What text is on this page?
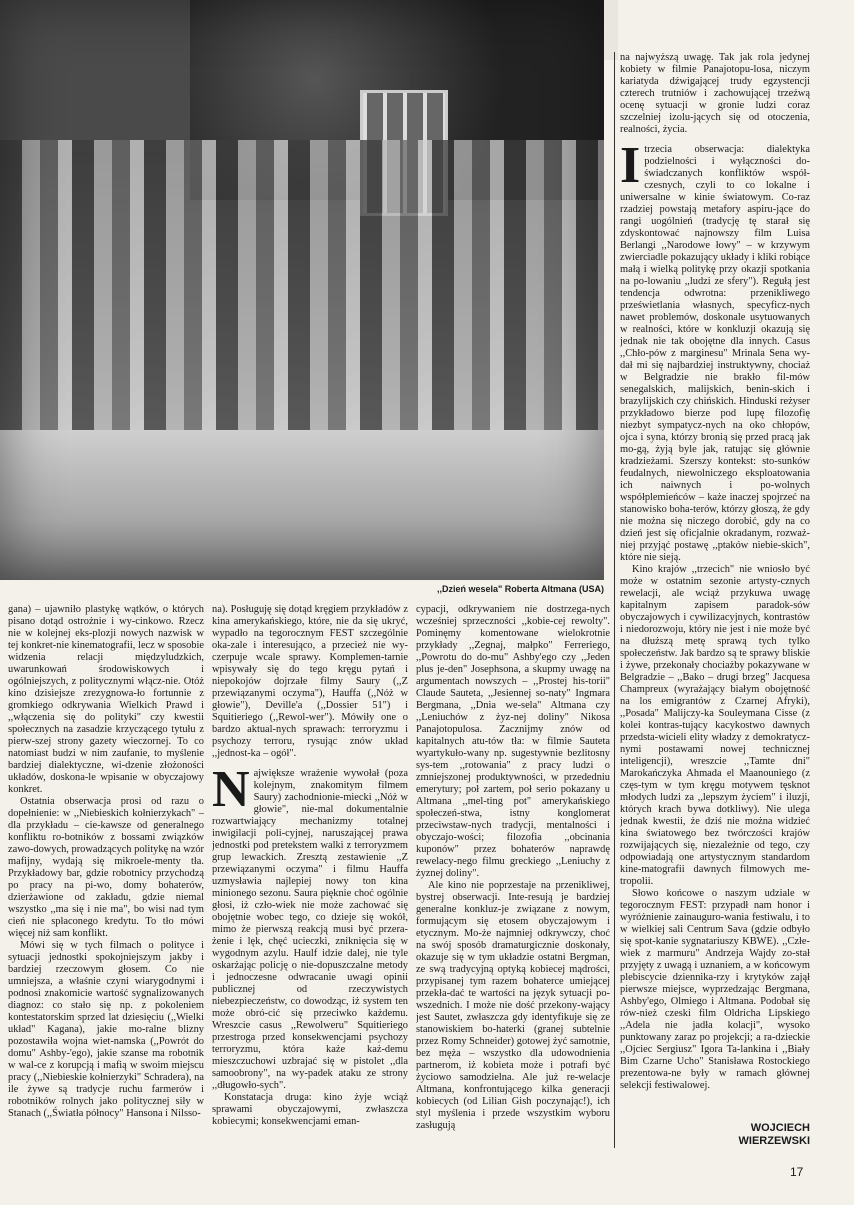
,,Dzień wesela" Roberta Altmana (USA)

gana) – ujawniło plastykę wątków, o których pisano dotąd ostrożnie i wy-cinkowo. Rzecz nie w kolejnej eks-plozji nowych nazwisk w tej konkret-nie kinematografii, lecz w sposobie widzenia relacji międzyludzkich, uwarunkowań środowiskowych i ogólniejszych, z politycznymi włącz-nie. Otóż kino dzisiejsze zrezygnowa-ło fortunnie z gromkiego odkrywania Wielkich Prawd i ,,włączenia się do polityki" czy kwestii społecznych na zasadzie krzyczącego tytułu z pierw-szej strony gazety wieczornej. To co natomiast budzi w nim zaufanie, to myślenie bardziej dialektyczne, wi-dzenie złożoności układów, doskona-le wpisanie w obyczajowy konkret.

Ostatnia obserwacja prosi od razu o dopełnienie: w ,,Niebieskich kołnierzykach" – dla przykładu – cie-kawsze od generalnego konfliktu ro-botników z bossami związków zawo-dowych, prowadzących politykę na wzór mafijny, wydają się mikroele-menty tła. Przykładowy bar, gdzie robotnicy przychodzą po pracy na pi-wo, domy bohaterów, dzierżawione od zakładu, gdzie niemal wszystko ,,ma się i nie ma", bo wisi nad tym cień nie spłaconego kredytu. To tło mówi więcej niż sam konflikt.

Mówi się w tych filmach o polityce i sytuacji jednostki spokojniejszym jakby i bardziej rzeczowym głosem. Co nie umniejsza, a właśnie czyni wiarygodnymi i podnosi znakomicie wartość sygnalizowanych diagnoz: co stało się np. z pokoleniem kontestatorskim sprzed lat dziesięciu (,,Wielki układ" Kagana), jakie mo-ralne blizny pozostawiła wojna wiet-namska (,,Powrót do domu" Ashby-'ego), jakie szanse ma robotnik w wal-ce z korupcją i mafią w swoim miejscu pracy (,,Niebieskie kołnierzyki" Schradera), na ile żywe są tradycje ruchu farmerów i robotników rolnych jako politycznej siły w Stanach (,,Światła północy" Hansona i Nilsso-

na). Posługuję się dotąd kręgiem przykładów z kina amerykańskiego, które, nie da się ukryć, wypadło na tegorocznym FEST szczególnie oka-zale i interesująco, a przecież nie wy-czerpuje wcale sprawy. Komplemen-tarnie wpisywały się do tego kręgu pytań i niepokojów dojrzałe filmy Saury (,,Z przewiązanymi oczyma"), Hauffa (,,Nóż w głowie"), Deville'a (,,Dossier 51") i Squitieriego (,,Rewol-wer"). Mówiły one o bardzo aktual-nych sprawach: terroryzmu i psychozy terroru, rysując znów układ ,,jednost-ka – ogół".

Największe wrażenie wywołał (poza kolejnym, znakomitym filmem Saury) zachodnionie-miecki ,,Nóż w głowie", nie-mal dokumentalnie rozwartwiający mechanizmy totalnej inwigilacji poli-cyjnej, naruszającej prawa jednostki pod pretekstem walki z terroryzmem grup lewackich. Zresztą zestawienie ,,Z przewiązanymi oczyma" i filmu Hauffa uzmysławia najlepiej nowy ton kina minionego sezonu. Saura pięknie choć ogólnie głosi, iż czło-wiek nie może zachować się obojętnie wobec tego, co dzieje się wokół, mimo że pierwszą reakcją musi być przera-żenie i lęk, chęć ucieczki, zniknięcia się w wygodnym azylu. Haulf idzie dalej, nie tyle oskarżając policję o nie-dopuszczalne metody i jednoczesne odwracanie uwagi opinii publicznej od rzeczywistych niebezpieczeństw, co dowodząc, iż system ten może obró-cić się przeciwko każdemu. Wreszcie casus ,,Rewolweru" Squitieriego przestroga przed konsekwencjami psychozy terroryzmu, która każe każ-demu mieszczuchowi uzbrajać się w pistolet ,,dla samoobrony", na wy-padek ataku ze strony ,,długowło-sych".

Konstatacja druga: kino żyje wciąż sprawami obyczajowymi, zwłaszcza kobiecymi; konsekwencjami eman-

cypacji, odkrywaniem nie dostrzega-nych wcześniej sprzeczności ,,kobie-cej rewolty". Pominęmy komentowane wielokrotnie przykłady ,,Zegnaj, małpko" Ferreriego, ,,Powrotu do do-mu" Ashby'ego czy ,,Jeden plus je-den" Josephsona, a skupmy uwagę na argumentach nowszych – ,,Prostej his-torii" Claude Sauteta, ,,Jesiennej so-naty" Ingmara Bergmana, ,,Dnia we-sela" Altmana czy ,,Leniuchów z żyz-nej doliny" Nikosa Panajotopulosa. Zacznijmy znów od kapitalnych atu-tów tła: w filmie Sauteta wyartykuło-wany np. sugestywnie bezlitosny sys-tem ,,rotowania" z pracy ludzi o zmniejszonej produktywności, w przededniu emerytury; poł zartem, poł serio pokazany u Altmana ,,mel-ting pot" amerykańskiego społeczeń-stwa, istny konglomerat przeciwstaw-nych tradycji, mentalności i obyczajo-wości; filozofia ,,obcinania kuponów" przez bohaterów naprawdę rewelacy-nego filmu greckiego ,,Leniuchy z żyznej doliny".

Ale kino nie poprzestaje na przenikliwej, bystrej obserwacji. Inte-resują je bardziej generalne konkluz-je związane z nowym, formującym się etosem obyczajowym i etycznym. Mo-że najmniej odkrywczy, choć na swój sposób dramaturgicznie doskonały, okazuje się w tym układzie ostatni Bergman, ze swą tradycyjną optyką kobiecej mądrości, przypisanej tym razem bohaterce umiejącej przekła-dać te wartości na język sytuacji po-wszednich. I może nie dość przekony-wający jest Sautet, zwłaszcza gdy identyfikuje się ze stanowiskiem bo-haterki (granej subtelnie przez Romy Schneider) gotowej żyć samotnie, bez męża – wszystko dla udowodnienia partnerom, iż kobieta może i potrafi być życiowo samodzielna. Ale już re-welacje Altmana, konfrontującego kilka generacji kobiecych (od Lilian Gish poczynając!), ich styl myślenia i przede wszystkim wyboru zasługują

na najwyższą uwagę. Tak jak rola jedynej kobiety w filmie Panajotopu-losa, niczym kariatyda dźwigającej trudy egzystencji czterech trutniów i zachowującej trzeźwą ocenę sytuacji w gronie ludzi coraz szczelniej izolu-jących się od otoczenia, realności, życia.

Itrzecia obserwacja: dialektyka podzielności i wyłączności do-świadczanych konfliktów współ-czesnych, czyli to co lokalne i uniwersalne w kinie światowym. Co-raz rzadziej powstają metafory aspiru-jące do rangi uogólnień (tradycję tę starał się zdyskontować najnowszy film Luisa Berlangi ,,Narodowe łowy" – w krzywym zwierciadle pokazujący układy i kliki robiące małą i wielką politykę przy okazji spotkania na po-lowaniu ,,ludzi ze sfery"). Regułą jest tendencja odwrotna: przenikliwego prześwietlania własnych, specyficz-nych nawet problemów, doskonale usytuowanych w realności, które w konkluzji okazują się jednak nie tak obojętne dla innych. Casus ,,Chło-pów z marginesu" Mrinala Sena wy-dał mi się najbardziej instruktywny, chociaż w Belgradzie nie brakło fil-mów senegalskich, malijskich, benin-skich i brazylijskich czy chińskich. Hinduski reżyser przykładowo bierze pod lupę filozofię niezbyt sympatycz-nych na oko chłopów, ojca i syna, którzy bronią się przed pracą jak mo-gą, żyją byle jak, ratując się głównie kradzieżami. Szerszy kontekst: sto-sunków feudalnych, niewolniczego eksploatowania ich naiwnych i po-wolnych współplemieńców – każe inaczej spojrzeć na stanowisko boha-terów, którzy głoszą, że gdy nie można się niczego dorobić, gdy na co dzień jest się oficjalnie okradanym, rozważ-niej przyjąć postawę ,,ptaków niebie-skich", które nie sieją.

Kino krajów ,,trzecich" nie wniosło być może w ostatnim sezonie artysty-cznych rewelacji, ale wciąż przykuwa uwagę kapitalnym zapisem paradok-sów obyczajowych i cywilizacyjnych, kontrastów i niedorozwoju, który nie jest i nie może być na dłuższą metę sprawą tych tylko społeczeństw. Jak bardzo są te sprawy bliskie i żywe, przekonały chociażby pokazywane w Belgradzie – ,,Bako – drugi brzeg" Jacquesa Champreux (wyrażający białym obojętność na los emigrantów z Czarnej Afryki), ,,Posada" Malijczy-ka Souleymana Cisse (z kolei kontras-tujący kacykostwo dawnych przedsta-wicieli elity władzy z demokratycz-nymi postawami nowej technicznej inteligencji), wreszcie ,,Tamte dni" Marokańczyka Ahmada el Maanouniego (z częs-tym w tym kręgu motywem tęsknot młodych ludzi za ,,lepszym życiem" i iluzji, których krach bywa dotkliwy). Nie ulega jednak kwestii, że dziś nie można widzieć kina światowego bez twórczości krajów rozwijających się, niezależnie od tego, czy odpowiadają one artystycznym standardom kine-matografii dawnych filmowych me-tropolii.

Słowo końcowe o naszym udziale w tegorocznym FEST: przypadł nam honor i wyróżnienie zainauguro-wania festiwalu, i to w wielkiej sali Centrum Sava (gdzie odbyło się spot-kanie sygnatariuszy KBWE). ,,Człe-wiek z marmuru" Andrzeja Wajdy zo-stał przyjęty z uwagą i uznaniem, a w końcowym plebiscycie dziennika-rzy i krytyków zajął pierwsze miejsce, wyprzedzając Bergmana, Ashby'ego, Olmiego i Altmana. Podobał się rów-nież czeski film Oldricha Lipskiego ,,Adela nie jadła kolacji", wysoko punktowany zaraz po projekcji; a ra-dzieckie ,,Ojciec Sergiusz" Igora Ta-lankina i ,,Biały Bim Czarne Ucho" Stanisława Rostockiego prezentowa-ne były w ramach głównej selekcji festiwalowej.

WOJCIECH
WIERZEWSKI
17
